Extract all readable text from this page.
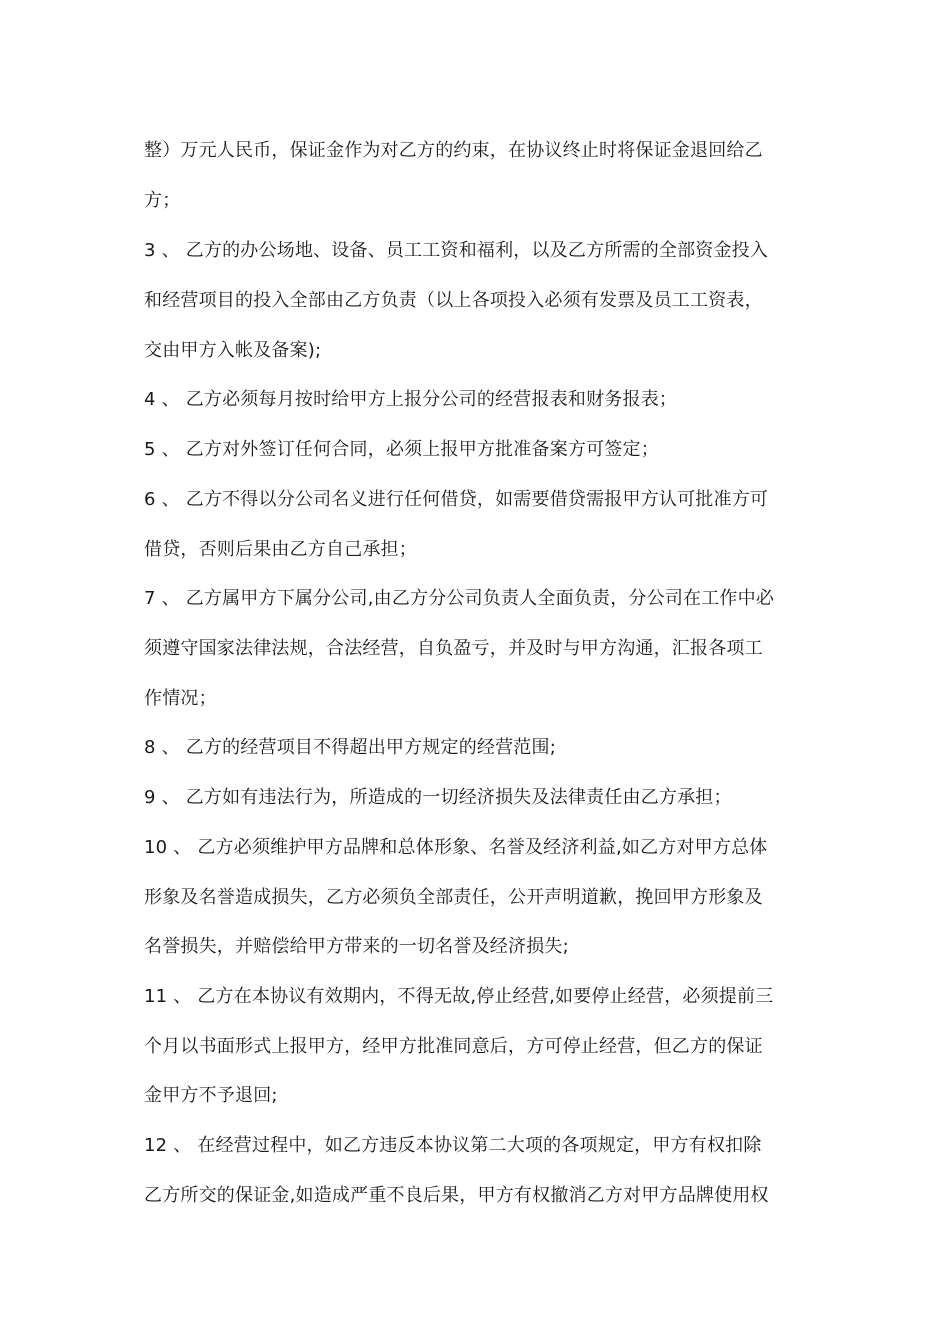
整）万元人民币，保证金作为对乙方的约束，在协议终止时将保证金退回给乙
方；
3 、 乙方的办公场地、设备、员工工资和福利，以及乙方所需的全部资金投入
和经营项目的投入全部由乙方负责（以上各项投入必须有发票及员工工资表，
交由甲方入帐及备案);
4 、 乙方必须每月按时给甲方上报分公司的经营报表和财务报表；
5 、 乙方对外签订任何合同，必须上报甲方批准备案方可签定；
6 、 乙方不得以分公司名义进行任何借贷，如需要借贷需报甲方认可批准方可
借贷，否则后果由乙方自己承担；
7 、 乙方属甲方下属分公司,由乙方分公司负责人全面负责，分公司在工作中必
须遵守国家法律法规，合法经营，自负盈亏，并及时与甲方沟通，汇报各项工
作情况；
8 、 乙方的经营项目不得超出甲方规定的经营范围;
9 、 乙方如有违法行为，所造成的一切经济损失及法律责任由乙方承担；
10 、 乙方必须维护甲方品牌和总体形象、名誉及经济利益,如乙方对甲方总体
形象及名誉造成损失，乙方必须负全部责任，公开声明道歉，挽回甲方形象及
名誉损失，并赔偿给甲方带来的一切名誉及经济损失;
11 、 乙方在本协议有效期内，不得无故,停止经营,如要停止经营，必须提前三
个月以书面形式上报甲方，经甲方批准同意后，方可停止经营，但乙方的保证
金甲方不予退回;
12 、 在经营过程中，如乙方违反本协议第二大项的各项规定，甲方有权扣除
乙方所交的保证金,如造成严重不良后果，甲方有权撤消乙方对甲方品牌使用权
